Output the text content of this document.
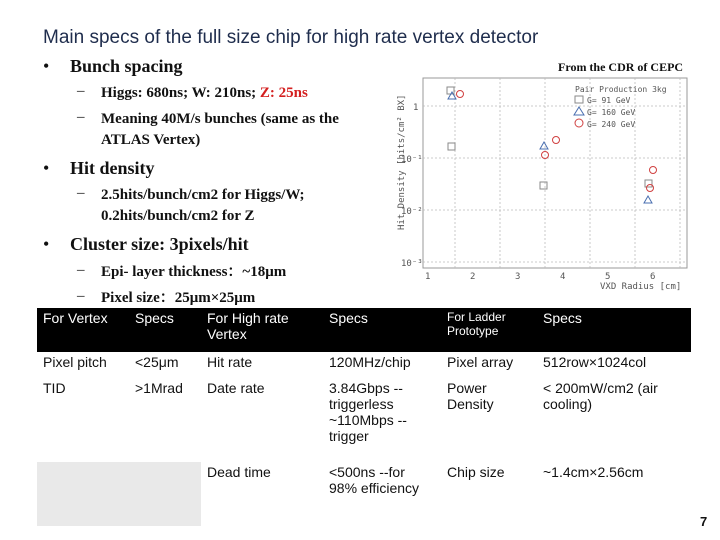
Main specs of the full size chip for high rate vertex detector
• Bunch spacing	From the CDR of CEPC
– Higgs: 680ns; W: 210ns; Z: 25ns
– Meaning 40M/s bunches (same as the ATLAS Vertex)
• Hit density
– 2.5hits/bunch/cm2 for Higgs/W; 0.2hits/bunch/cm2 for Z
• Cluster size: 3pixels/hit
– Epi- layer thickness：~18μm
– Pixel size：25μm×25μm
1
10⁻¹
10⁻²
10⁻³
1	2	3	4	5	6
VXD Radius [cm]
Hit Density [hits/cm² BX]
Pair Production 3kg
G= 91 GeV
G= 160 GeV
G= 240 GeV
For Vertex	Specs	For High rate Vertex	Specs	For Ladder Prototype	Specs
Pixel pitch	<25μm	Hit rate	120MHz/chip	Pixel array	512row×1024col
TID	>1Mrad	Date rate	3.84Gbps --triggerless ~110Mbps --trigger	Power Density	< 200mW/cm2 (air cooling)
		Dead time	<500ns --for 98% efficiency	Chip size	~1.4cm×2.56cm
7
